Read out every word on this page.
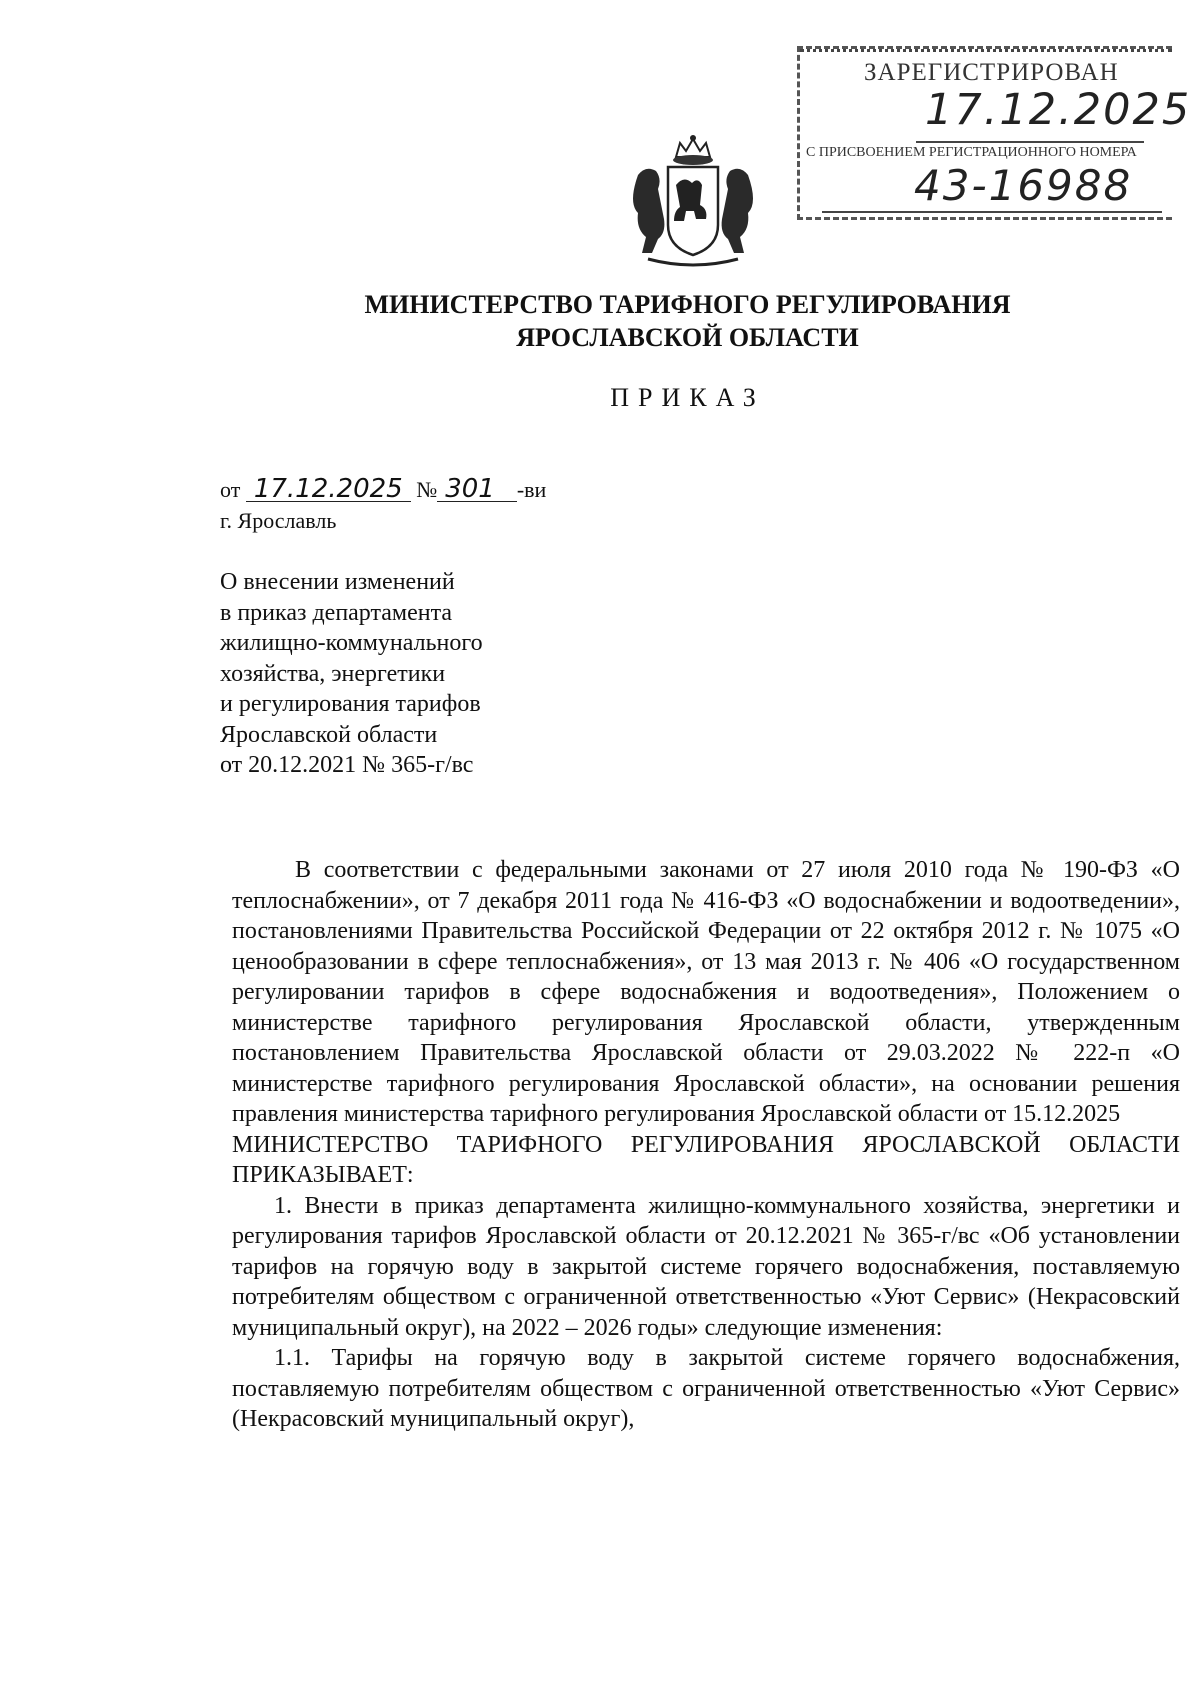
ЗАРЕГИСТРИРОВАН
17.12.2025
С ПРИСВОЕНИЕМ РЕГИСТРАЦИОННОГО НОМЕРА
43-16988
МИНИСТЕРСТВО ТАРИФНОГО РЕГУЛИРОВАНИЯ
ЯРОСЛАВСКОЙ ОБЛАСТИ
ПРИКАЗ
от 17.12.2025 № 301 -ви
г. Ярославль
О внесении изменений
в приказ департамента
жилищно-коммунального
хозяйства, энергетики
и регулирования тарифов
Ярославской области
от 20.12.2021 № 365-г/вс

В соответствии с федеральными законами от 27 июля 2010 года № 190-ФЗ «О теплоснабжении», от 7 декабря 2011 года № 416-ФЗ «О водоснабжении и водоотведении», постановлениями Правительства Российской Федерации от 22 октября 2012 г. № 1075 «О ценообразовании в сфере теплоснабжения», от 13 мая 2013 г. № 406 «О государственном регулировании тарифов в сфере водоснабжения и водоотведения», Положением о министерстве тарифного регулирования Ярославской области, утвержденным постановлением Правительства Ярославской области от 29.03.2022 № 222-п «О министерстве тарифного регулирования Ярославской области», на основании решения правления министерства тарифного регулирования Ярославской области от 15.12.2025

МИНИСТЕРСТВО ТАРИФНОГО РЕГУЛИРОВАНИЯ ЯРОСЛАВСКОЙ ОБЛАСТИ ПРИКАЗЫВАЕТ:

1. Внести в приказ департамента жилищно-коммунального хозяйства, энергетики и регулирования тарифов Ярославской области от 20.12.2021 № 365-г/вс «Об установлении тарифов на горячую воду в закрытой системе горячего водоснабжения, поставляемую потребителям обществом с ограниченной ответственностью «Уют Сервис» (Некрасовский муниципальный округ), на 2022 – 2026 годы» следующие изменения:

1.1. Тарифы на горячую воду в закрытой системе горячего водоснабжения, поставляемую потребителям обществом с ограниченной ответственностью «Уют Сервис» (Некрасовский муниципальный округ),
